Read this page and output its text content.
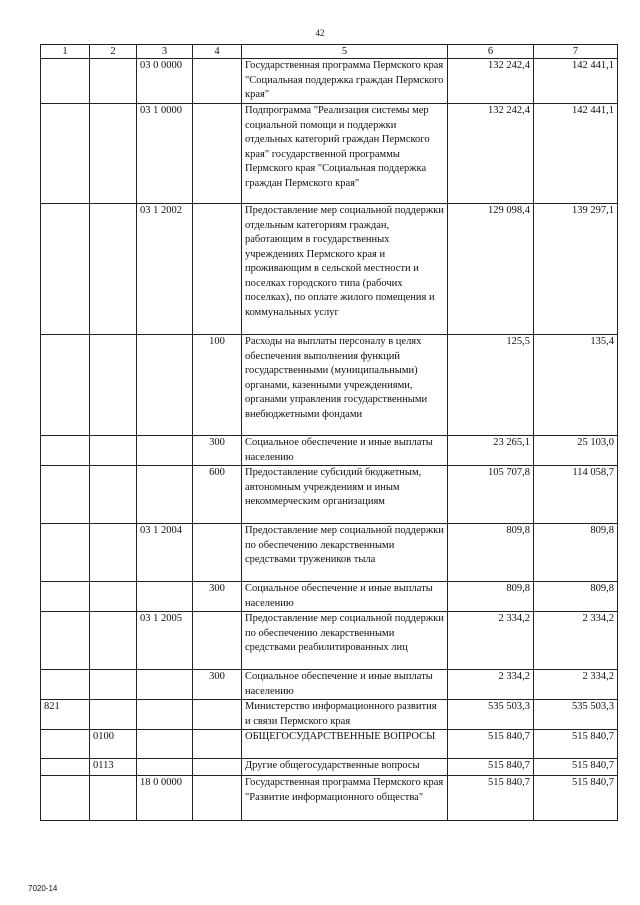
42
1	2	3	4	5	6	7
		03 0 0000		Государственная программа Пермского края "Социальная поддержка граждан Пермского края"	132 242,4	142 441,1
		03 1 0000		Подпрограмма "Реализация системы мер социальной помощи и поддержки отдельных категорий граждан Пермского края" государственной программы Пермского края "Социальная поддержка граждан Пермского края"	132 242,4	142 441,1
		03 1 2002		Предоставление мер социальной поддержки отдельным категориям граждан, работающим в государственных учреждениях Пермского края и проживающим в сельской местности и поселках городского типа (рабочих поселках), по оплате жилого помещения и коммунальных услуг	129 098,4	139 297,1
			100	Расходы на выплаты персоналу в целях обеспечения выполнения функций государственными (муниципальными) органами, казенными учреждениями, органами управления государственными внебюджетными фондами	125,5	135,4
			300	Социальное обеспечение и иные выплаты населению	23 265,1	25 103,0
			600	Предоставление субсидий бюджетным, автономным учреждениям и иным некоммерческим организациям	105 707,8	114 058,7
		03 1 2004		Предоставление мер социальной поддержки по обеспечению лекарственными средствами тружеников тыла	809,8	809,8
			300	Социальное обеспечение и иные выплаты населению	809,8	809,8
		03 1 2005		Предоставление мер социальной поддержки по обеспечению лекарственными средствами реабилитированных лиц	2 334,2	2 334,2
			300	Социальное обеспечение и иные выплаты населению	2 334,2	2 334,2
821				Министерство информационного развития и связи Пермского края	535 503,3	535 503,3
	0100			ОБЩЕГОСУДАРСТВЕННЫЕ ВОПРОСЫ	515 840,7	515 840,7
	0113			Другие общегосударственные вопросы	515 840,7	515 840,7
		18 0 0000		Государственная программа Пермского края "Развитие информационного общества"	515 840,7	515 840,7
7020-14
